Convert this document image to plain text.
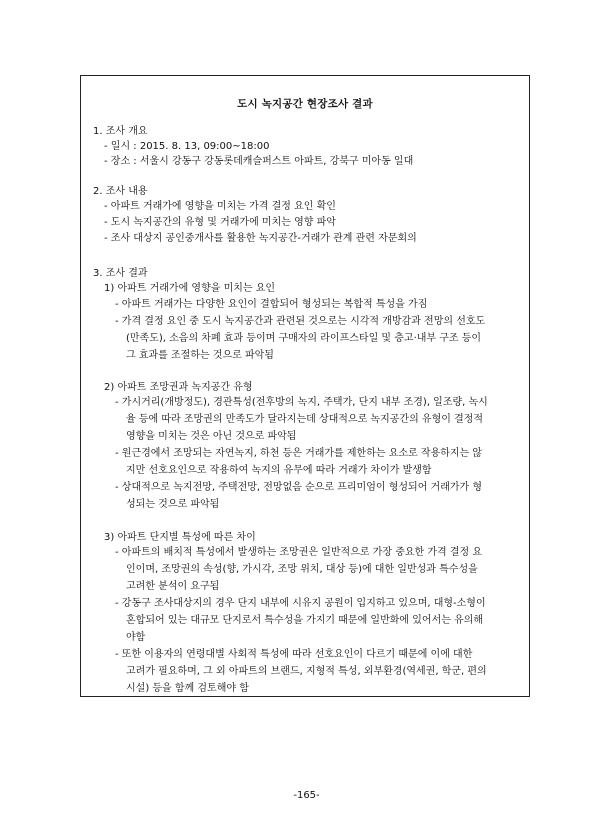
도시 녹지공간 현장조사 결과
1. 조사 개요
- 일시 : 2015. 8. 13, 09:00~18:00
- 장소 : 서울시 강동구 강동롯데캐슬퍼스트 아파트, 강북구 미아동 일대
2. 조사 내용
- 아파트 거래가에 영향을 미치는 가격 결정 요인 확인
- 도시 녹지공간의 유형 및 거래가에 미치는 영향 파악
- 조사 대상지 공인중개사를 활용한 녹지공간-거래가 관계 관련 자문회의
3. 조사 결과
1) 아파트 거래가에 영향을 미치는 요인
- 아파트 거래가는 다양한 요인이 결합되어 형성되는 복합적 특성을 가짐
- 가격 결정 요인 중 도시 녹지공간과 관련된 것으로는 시각적 개방감과 전망의 선호도
(만족도), 소음의 차폐 효과 등이며 구매자의 라이프스타일 및 층고·내부 구조 등이
그 효과를 조절하는 것으로 파악됨
2) 아파트 조망권과 녹지공간 유형
- 가시거리(개방정도), 경관특성(전후방의 녹지, 주택가, 단지 내부 조경), 일조량, 녹시
율 등에 따라 조망권의 만족도가 달라지는데 상대적으로 녹지공간의 유형이 결정적
영향을 미치는 것은 아닌 것으로 파악됨
- 원근경에서 조망되는 자연녹지, 하천 등은 거래가를 제한하는 요소로 작용하지는 않
지만 선호요인으로 작용하여 녹지의 유무에 따라 거래가 차이가 발생함
- 상대적으로 녹지전망, 주택전망, 전망없음 순으로 프리미엄이 형성되어 거래가가 형
성되는 것으로 파악됨
3) 아파트 단지별 특성에 따른 차이
- 아파트의 배치적 특성에서 발생하는 조망권은 일반적으로 가장 중요한 가격 결정 요
인이며, 조망권의 속성(향, 가시각, 조망 위치, 대상 등)에 대한 일반성과 특수성을
고려한 분석이 요구됨
- 강동구 조사대상지의 경우 단지 내부에 시유지 공원이 입지하고 있으며, 대형-소형이
혼합되어 있는 대규모 단지로서 특수성을 가지기 때문에 일반화에 있어서는 유의해
야함
- 또한 이용자의 연령대별 사회적 특성에 따라 선호요인이 다르기 때문에 이에 대한
고려가 필요하며, 그 외 아파트의 브랜드, 지형적 특성, 외부환경(역세권, 학군, 편의
시설) 등을 함께 검토해야 함
-165-
